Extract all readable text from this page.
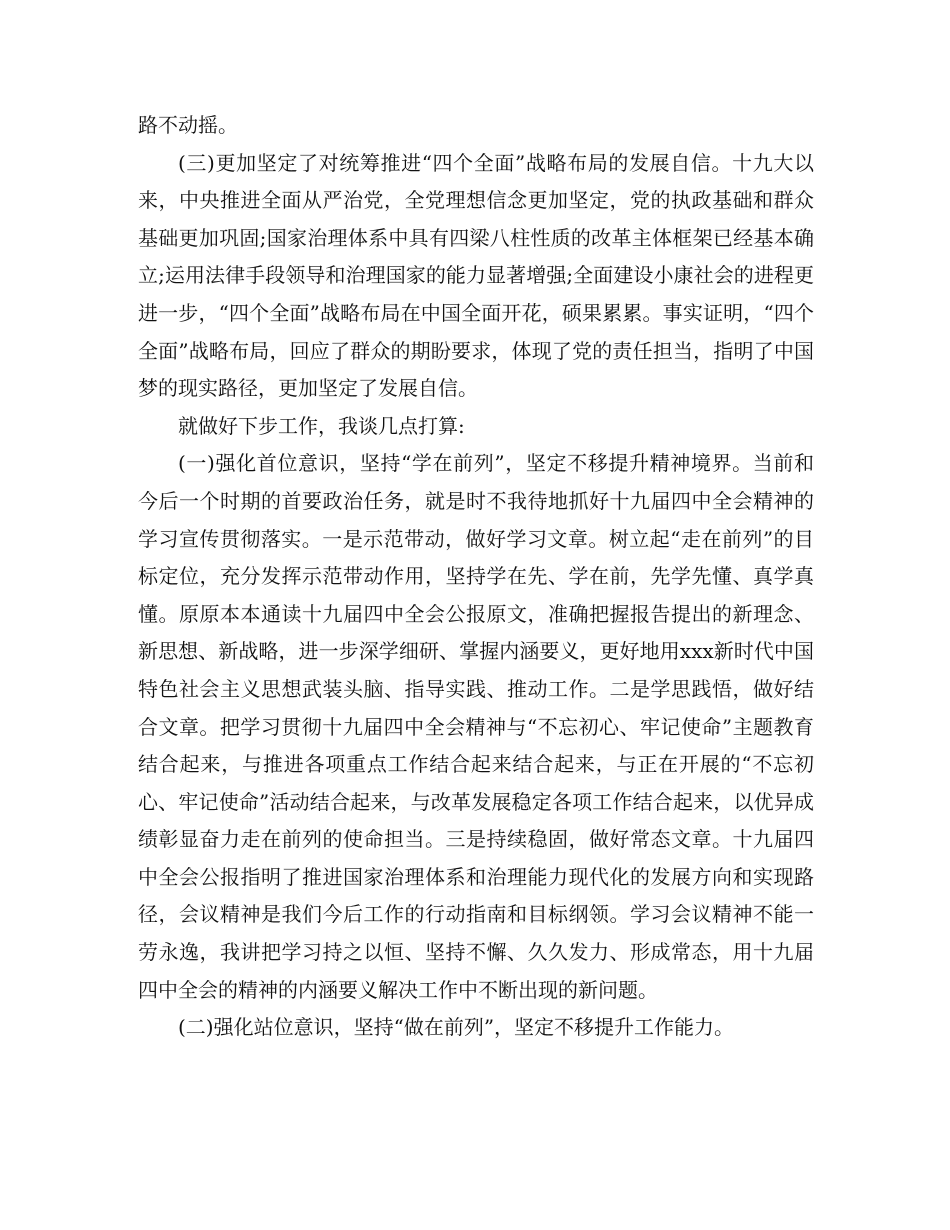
路不动摇。

(三)更加坚定了对统筹推进“四个全面”战略布局的发展自信。十九大以来，中央推进全面从严治党，全党理想信念更加坚定，党的执政基础和群众基础更加巩固;国家治理体系中具有四梁八柱性质的改革主体框架已经基本确立;运用法律手段领导和治理国家的能力显著增强;全面建设小康社会的进程更进一步，“四个全面”战略布局在中国全面开花，硕果累累。事实证明，“四个全面”战略布局，回应了群众的期盼要求，体现了党的责任担当，指明了中国梦的现实路径，更加坚定了发展自信。

就做好下步工作，我谈几点打算:

(一)强化首位意识，坚持“学在前列”，坚定不移提升精神境界。当前和今后一个时期的首要政治任务，就是时不我待地抓好十九届四中全会精神的学习宣传贯彻落实。一是示范带动，做好学习文章。树立起“走在前列”的目标定位，充分发挥示范带动作用，坚持学在先、学在前，先学先懂、真学真懂。原原本本通读十九届四中全会公报原文，准确把握报告提出的新理念、新思想、新战略，进一步深学细研、掌握内涵要义，更好地用xxx新时代中国特色社会主义思想武装头脑、指导实践、推动工作。二是学思践悟，做好结合文章。把学习贯彻十九届四中全会精神与“不忘初心、牢记使命”主题教育结合起来，与推进各项重点工作结合起来结合起来，与正在开展的“不忘初心、牢记使命”活动结合起来，与改革发展稳定各项工作结合起来，以优异成绩彰显奋力走在前列的使命担当。三是持续稳固，做好常态文章。十九届四中全会公报指明了推进国家治理体系和治理能力现代化的发展方向和实现路径，会议精神是我们今后工作的行动指南和目标纲领。学习会议精神不能一劳永逸，我讲把学习持之以恒、坚持不懈、久久发力、形成常态，用十九届四中全会的精神的内涵要义解决工作中不断出现的新问题。

(二)强化站位意识，坚持“做在前列”，坚定不移提升工作能力。
